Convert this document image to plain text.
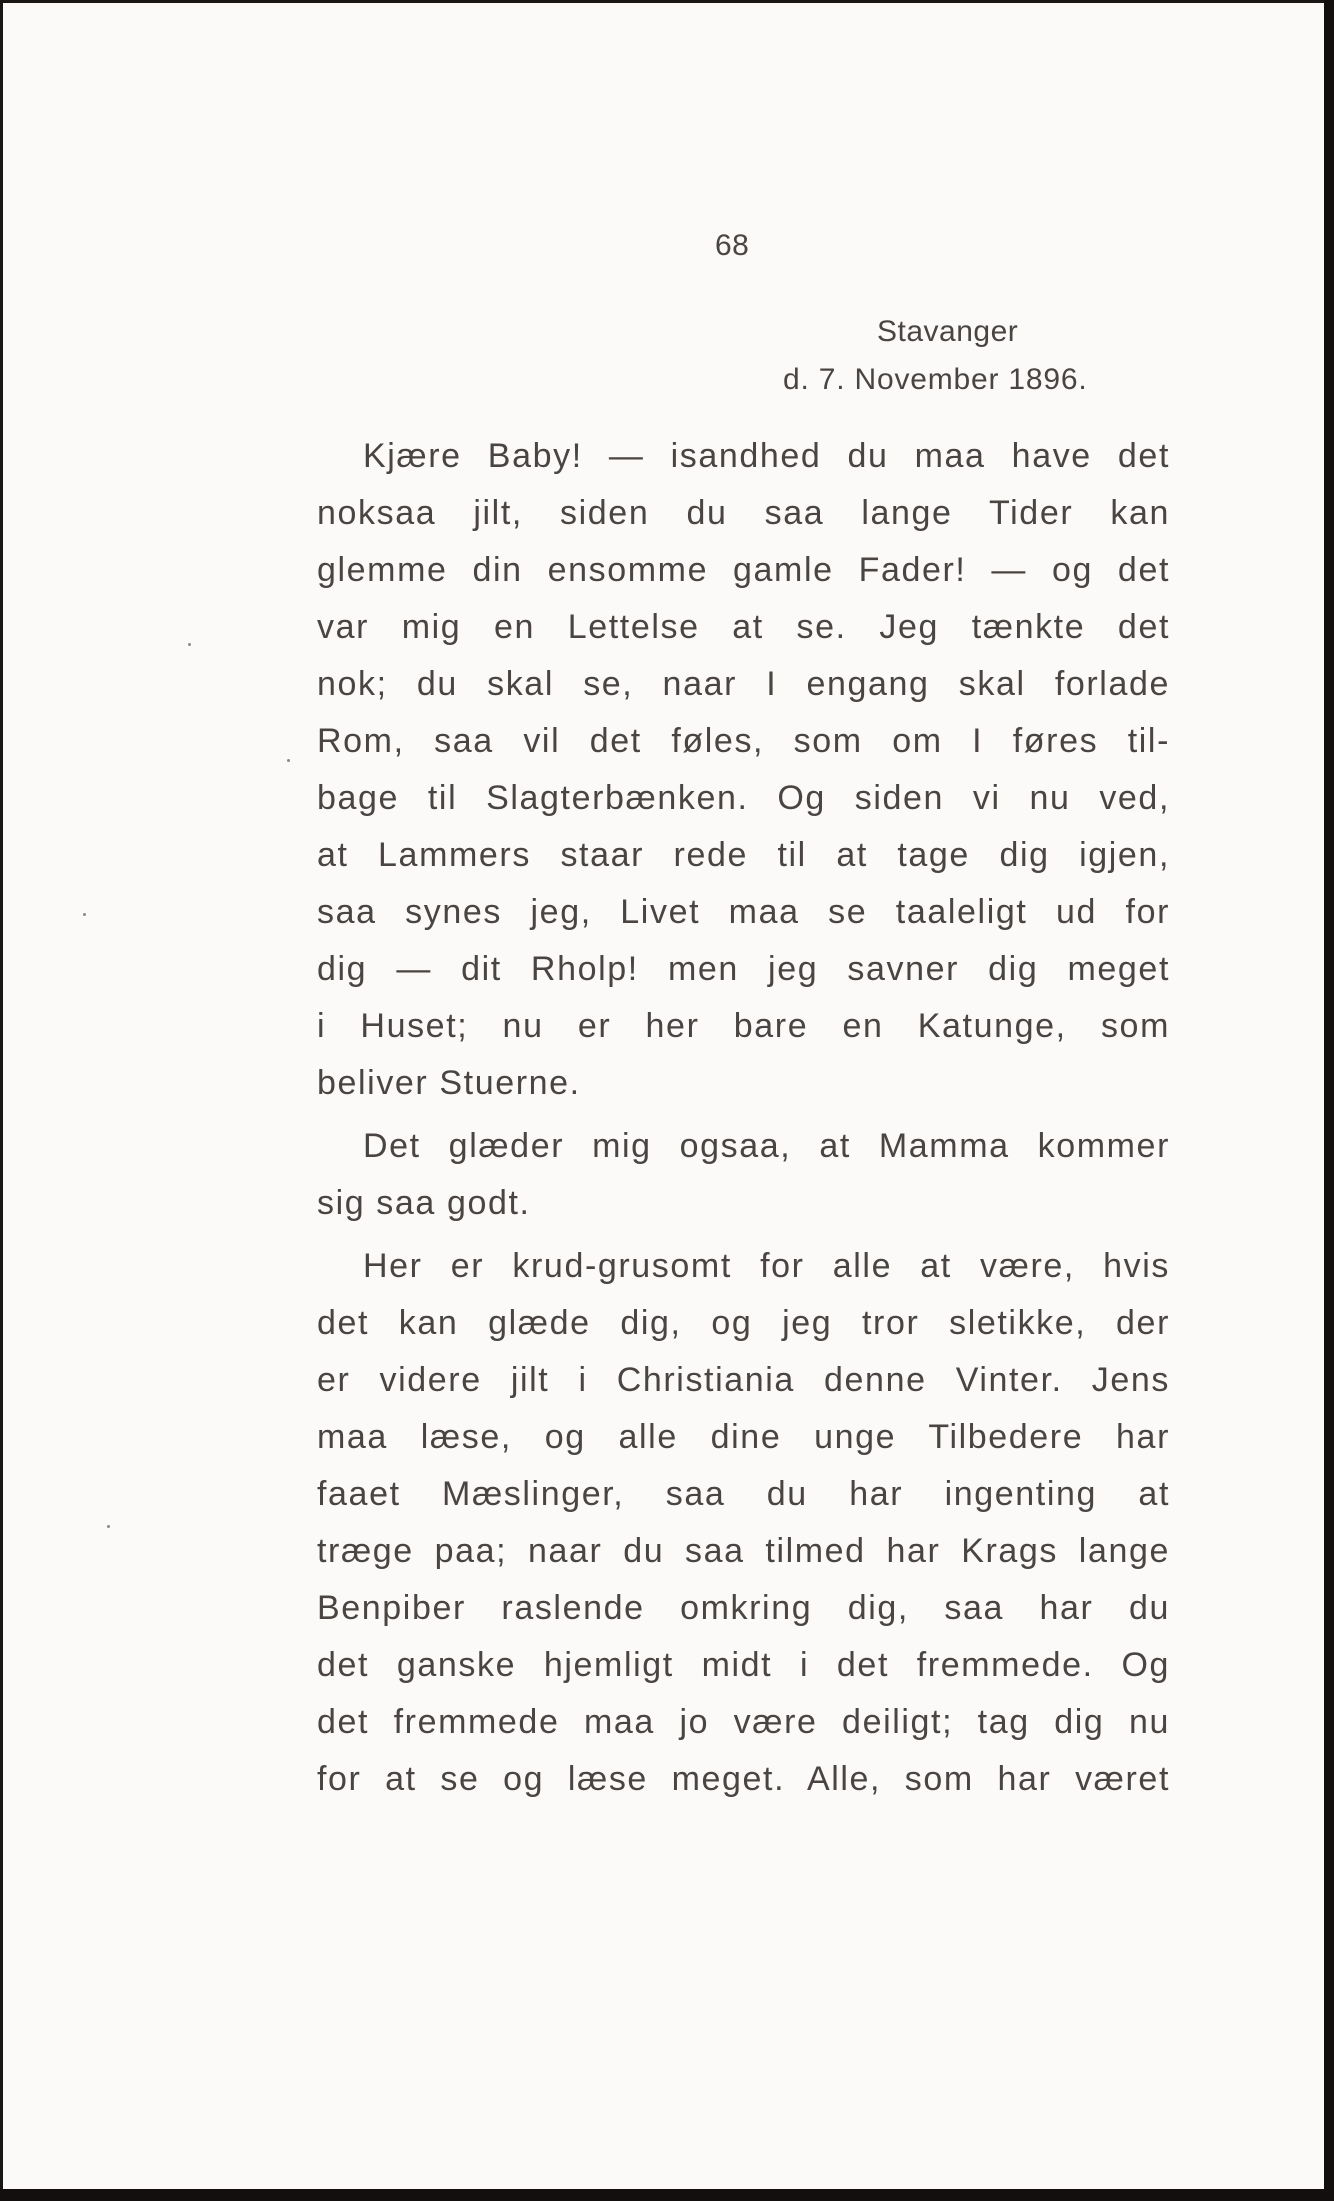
68
Stavanger
d. 7. November 1896.
Kjære Baby! — isandhed du maa have det
noksaa jilt, siden du saa lange Tider kan
glemme din ensomme gamle Fader! — og det
var mig en Lettelse at se. Jeg tænkte det
nok; du skal se, naar I engang skal forlade
Rom, saa vil det føles, som om I føres til-
bage til Slagterbænken. Og siden vi nu ved,
at Lammers staar rede til at tage dig igjen,
saa synes jeg, Livet maa se taaleligt ud for
dig — dit Rholp! men jeg savner dig meget
i Huset; nu er her bare en Katunge, som
beliver Stuerne.
Det glæder mig ogsaa, at Mamma kommer
sig saa godt.
Her er krud-grusomt for alle at være, hvis
det kan glæde dig, og jeg tror sletikke, der
er videre jilt i Christiania denne Vinter. Jens
maa læse, og alle dine unge Tilbedere har
faaet Mæslinger, saa du har ingenting at
trægе paa; naar du saa tilmed har Krags lange
Benpiber raslende omkring dig, saa har du
det ganske hjemligt midt i det fremmede. Og
det fremmede maa jo være deiligt; tag dig nu
for at se og læse meget. Alle, som har været
